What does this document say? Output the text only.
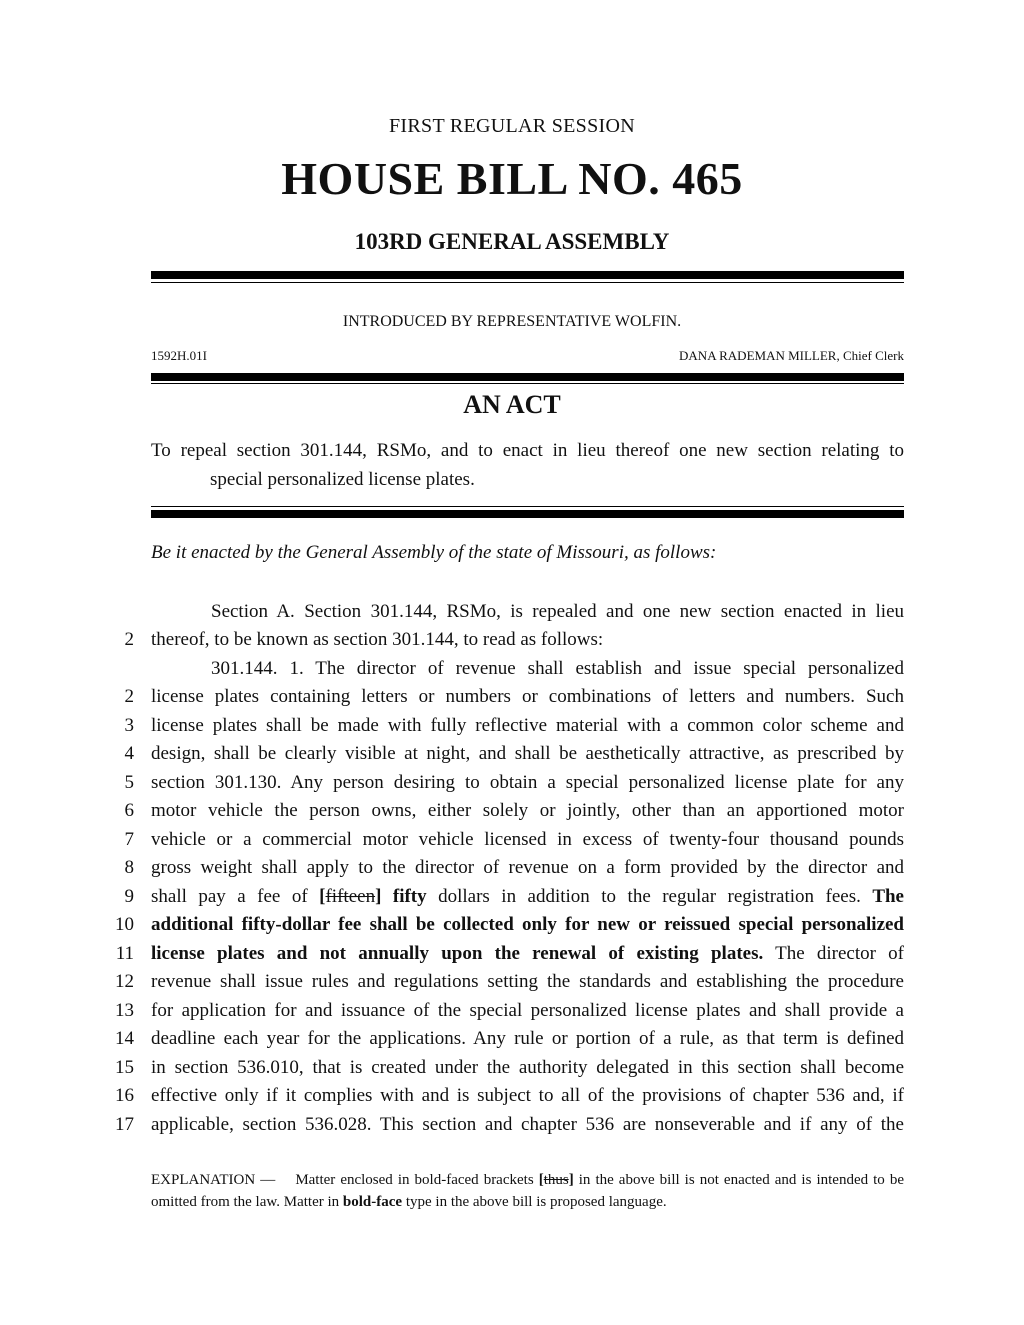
FIRST REGULAR SESSION
HOUSE BILL NO. 465
103RD GENERAL ASSEMBLY
INTRODUCED BY REPRESENTATIVE WOLFIN.
1592H.01I	DANA RADEMAN MILLER, Chief Clerk
AN ACT
To repeal section 301.144, RSMo, and to enact in lieu thereof one new section relating to
special personalized license plates.
Be it enacted by the General Assembly of the state of Missouri, as follows:
Section A. Section 301.144, RSMo, is repealed and one new section enacted in lieu
2 thereof, to be known as section 301.144, to read as follows:
301.144. 1. The director of revenue shall establish and issue special personalized
2 license plates containing letters or numbers or combinations of letters and numbers. Such
3 license plates shall be made with fully reflective material with a common color scheme and
4 design, shall be clearly visible at night, and shall be aesthetically attractive, as prescribed by
5 section 301.130. Any person desiring to obtain a special personalized license plate for any
6 motor vehicle the person owns, either solely or jointly, other than an apportioned motor
7 vehicle or a commercial motor vehicle licensed in excess of twenty-four thousand pounds
8 gross weight shall apply to the director of revenue on a form provided by the director and
9 shall pay a fee of [fifteen] fifty dollars in addition to the regular registration fees. The
10 additional fifty-dollar fee shall be collected only for new or reissued special personalized
11 license plates and not annually upon the renewal of existing plates. The director of
12 revenue shall issue rules and regulations setting the standards and establishing the procedure
13 for application for and issuance of the special personalized license plates and shall provide a
14 deadline each year for the applications. Any rule or portion of a rule, as that term is defined
15 in section 536.010, that is created under the authority delegated in this section shall become
16 effective only if it complies with and is subject to all of the provisions of chapter 536 and, if
17 applicable, section 536.028. This section and chapter 536 are nonseverable and if any of the
EXPLANATION —    Matter enclosed in bold-faced brackets [thus] in the above bill is not enacted and is intended to be omitted from the law. Matter in bold-face type in the above bill is proposed language.
